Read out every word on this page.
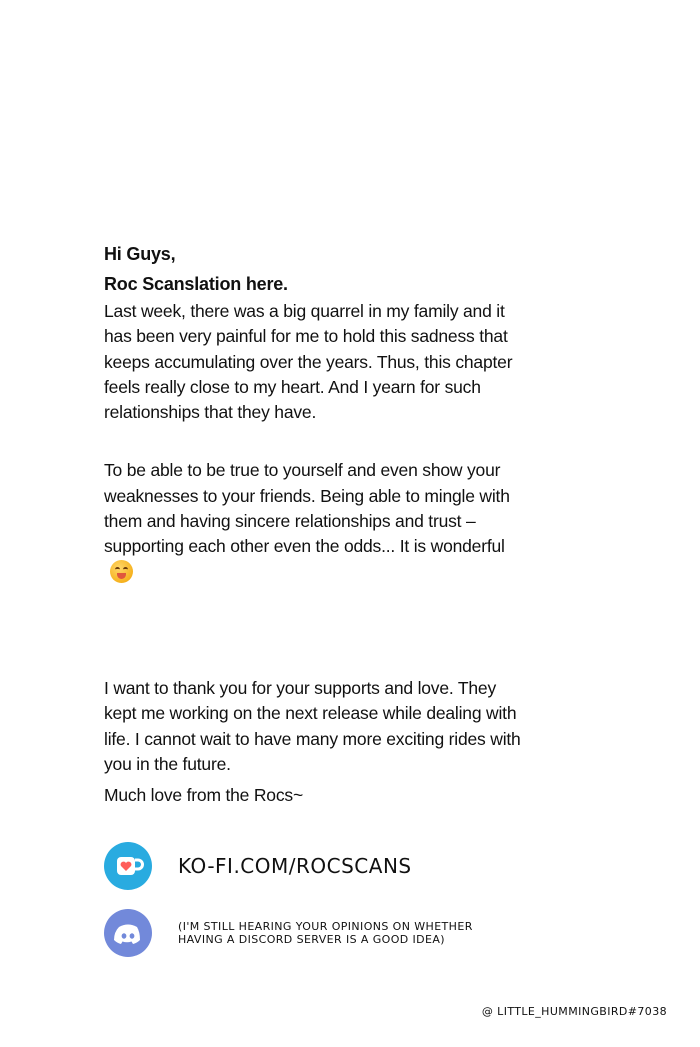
Hi Guys,

Roc Scanslation here.

Last week, there was a big quarrel in my family and it has been very painful for me to hold this sadness that keeps accumulating over the years. Thus, this chapter feels really close to my heart. And I yearn for such relationships that they have.

To be able to be true to yourself and even show your weaknesses to your friends. Being able to mingle with them and having sincere relationships and trust – supporting each other even the odds... It is wonderful

I want to thank you for your supports and love. They kept me working on the next release while dealing with life. I cannot wait to have many more exciting rides with you in the future.

Much love from the Rocs~

KO-FI.COM/ROCSCANS
(I'M STILL HEARING YOUR OPINIONS ON WHETHER
HAVING A DISCORD SERVER IS A GOOD IDEA)
@ LITTLE_HUMMINGBIRD#7038
